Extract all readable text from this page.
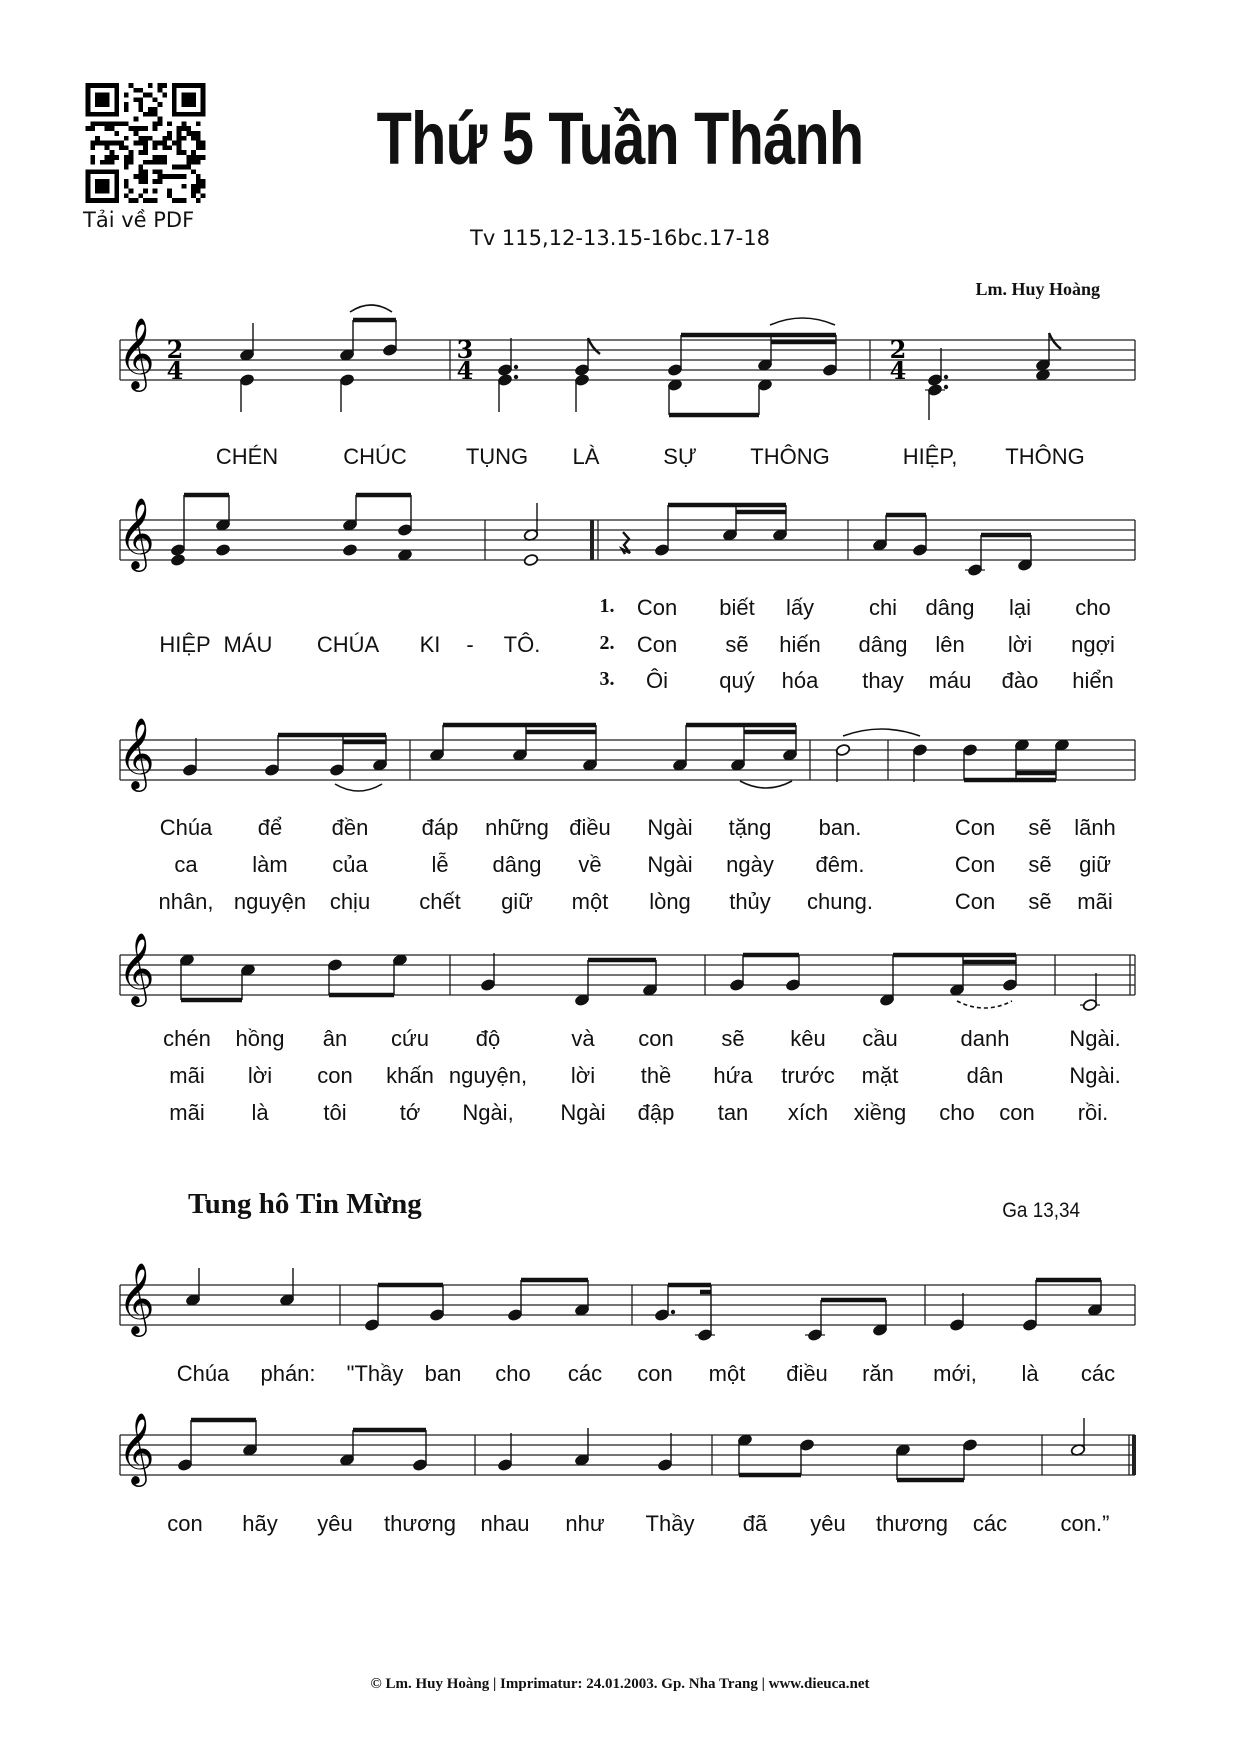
Tải về PDF
Thứ 5 Tuần Thánh
Tv 115,12-13.15-16bc.17-18
Lm. Huy Hoàng
𝄞 2
4
3
4
2
4
𝄞
𝄞
𝄞
𝄞
𝄞
CHÉN	CHÚC	TỤNG LÀ	SỰ THÔNG	HIỆP, THÔNG
1. Con biết lấy chi dâng lại cho
HIỆP MÁU CHÚA KI - TÔ.	2. Con sẽ hiến dâng lên lời ngợi
3. Ôi quý hóa thay máu đào hiển
Chúa để đền đáp những điều Ngài tặng ban.	Con sẽ lãnh
ca làm của	lễ dâng về Ngài ngày đêm.	Con sẽ giữ
nhân, nguyện chịu chết giữ một lòng thủy chung.	Con sẽ mãi
chén hồng ân cứu độ	và con sẽ kêu cầu	danh	Ngài.
mãi lời con khấn nguyện, lời thề hứa trước mặt	dân	Ngài.
mãi là tôi tớ Ngài, Ngài đập tan xích xiềng cho con rồi.
Tung hô Tin Mừng	Ga 13,34
Chúa phán: "Thầy ban cho các con một điều răn mới, là các
con hãy yêu thương nhau như Thầy đã yêu thương các con.”
© Lm. Huy Hoàng | Imprimatur: 24.01.2003. Gp. Nha Trang | www.dieuca.net
